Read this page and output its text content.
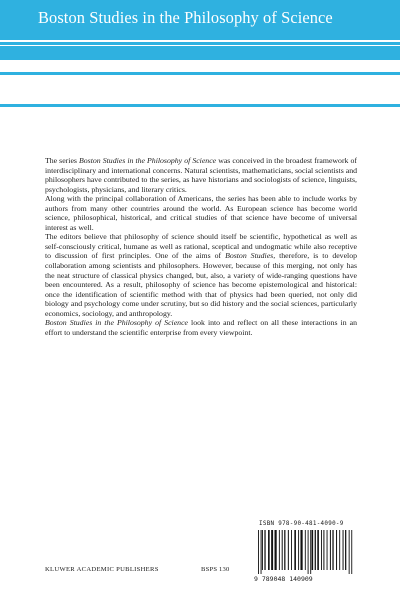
Boston Studies in the Philosophy of Science

The series Boston Studies in the Philosophy of Science was conceived in the broadest framework of interdisciplinary and international concerns. Natural scientists, mathematicians, social scientists and philosophers have contributed to the series, as have historians and sociologists of science, linguists, psychologists, physicians, and literary critics.

Along with the principal collaboration of Americans, the series has been able to include works by authors from many other countries around the world. As European science has become world science, philosophical, historical, and critical studies of that science have become of universal interest as well.

The editors believe that philosophy of science should itself be scientific, hypothetical as well as self-consciously critical, humane as well as rational, sceptical and undogmatic while also receptive to discussion of first principles. One of the aims of Boston Studies, therefore, is to develop collaboration among scientists and philosophers. However, because of this merging, not only has the neat structure of classical physics changed, but, also, a variety of wide-ranging questions have been encountered. As a result, philosophy of science has become epistemological and historical: once the identification of scientific method with that of physics had been queried, not only did biology and psychology come under scrutiny, but so did history and the social sciences, particularly economics, sociology, and anthropology.

Boston Studies in the Philosophy of Science look into and reflect on all these interactions in an effort to understand the scientific enterprise from every viewpoint.

ISBN 978-90-481-4090-9
9 789048 140909
KLUWER ACADEMIC PUBLISHERS	BSPS 130
